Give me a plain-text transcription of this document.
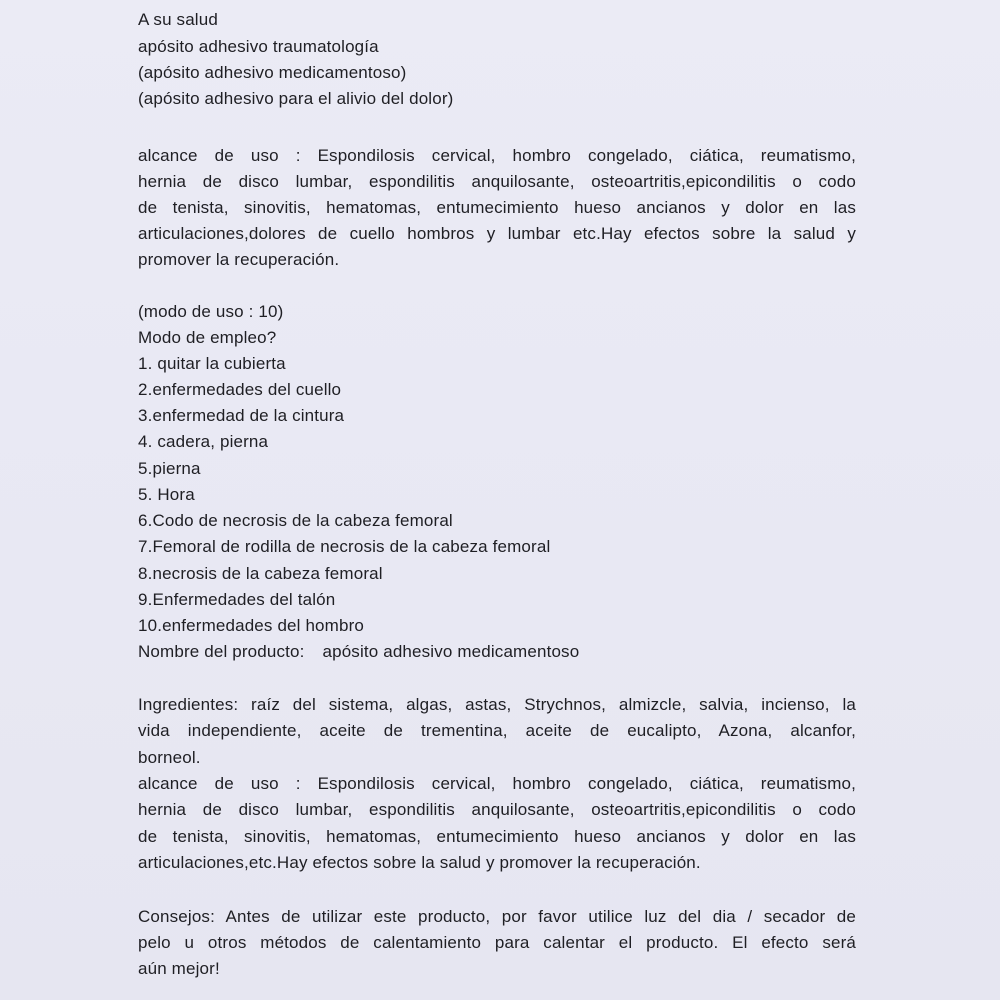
A su salud

apósito adhesivo traumatología

(apósito adhesivo medicamentoso)

(apósito adhesivo para el alivio del dolor)

alcance de uso : Espondilosis cervical, hombro congelado, ciática, reumatismo,

hernia de disco lumbar, espondilitis anquilosante, osteoartritis,epicondilitis o codo

de tenista, sinovitis, hematomas, entumecimiento hueso ancianos y dolor en las

articulaciones,dolores de cuello hombros y lumbar etc.Hay efectos sobre la salud y

promover la recuperación.

(modo de uso : 10)

Modo de empleo?

1. quitar la cubierta

2.enfermedades del cuello

3.enfermedad de la cintura

4. cadera, pierna

5.pierna

5. Hora

6.Codo de necrosis de la cabeza femoral

7.Femoral de rodilla de necrosis de la cabeza femoral

8.necrosis de la cabeza femoral

9.Enfermedades del talón

10.enfermedades del hombro

Nombre del producto: apósito adhesivo medicamentoso

Ingredientes: raíz del sistema, algas, astas, Strychnos, almizcle, salvia, incienso, la

vida independiente, aceite de trementina, aceite de eucalipto, Azona, alcanfor,

borneol.

alcance de uso : Espondilosis cervical, hombro congelado, ciática, reumatismo,

hernia de disco lumbar, espondilitis anquilosante, osteoartritis,epicondilitis o codo

de tenista, sinovitis, hematomas, entumecimiento hueso ancianos y dolor en las

articulaciones,etc.Hay efectos sobre la salud y promover la recuperación.

Consejos: Antes de utilizar este producto, por favor utilice luz del dia / secador de

pelo u otros métodos de calentamiento para calentar el producto. El efecto será

aún mejor!
